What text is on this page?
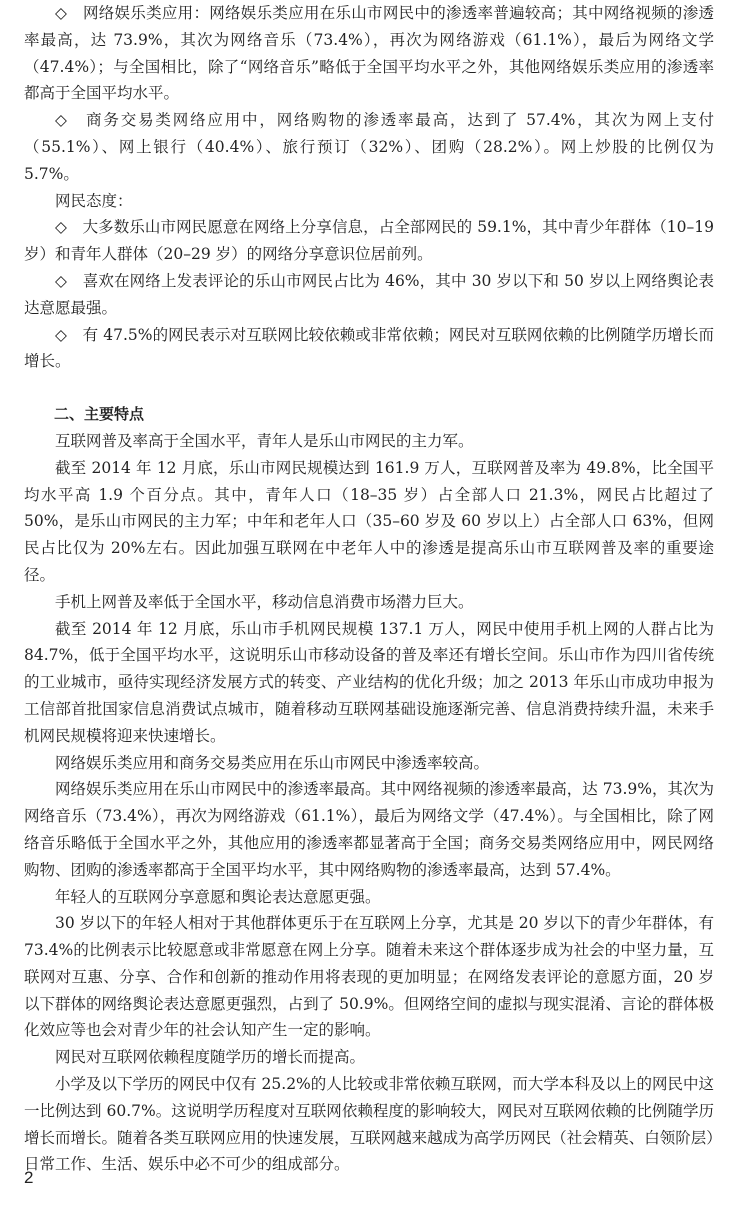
◇　网络娱乐类应用：网络娱乐类应用在乐山市网民中的渗透率普遍较高；其中网络视频的渗透率最高，达 73.9%，其次为网络音乐（73.4%），再次为网络游戏（61.1%），最后为网络文学（47.4%）；与全国相比，除了“网络音乐”略低于全国平均水平之外，其他网络娱乐类应用的渗透率都高于全国平均水平。

◇　商务交易类网络应用中，网络购物的渗透率最高，达到了 57.4%，其次为网上支付（55.1%）、网上银行（40.4%）、旅行预订（32%）、团购（28.2%）。网上炒股的比例仅为 5.7%。

网民态度：

◇　大多数乐山市网民愿意在网络上分享信息，占全部网民的 59.1%，其中青少年群体（10–19 岁）和青年人群体（20–29 岁）的网络分享意识位居前列。

◇　喜欢在网络上发表评论的乐山市网民占比为 46%，其中 30 岁以下和 50 岁以上网络舆论表达意愿最强。

◇　有 47.5%的网民表示对互联网比较依赖或非常依赖；网民对互联网依赖的比例随学历增长而增长。

二、主要特点

互联网普及率高于全国水平，青年人是乐山市网民的主力军。

截至 2014 年 12 月底，乐山市网民规模达到 161.9 万人，互联网普及率为 49.8%，比全国平均水平高 1.9 个百分点。其中，青年人口（18–35 岁）占全部人口 21.3%，网民占比超过了 50%，是乐山市网民的主力军；中年和老年人口（35–60 岁及 60 岁以上）占全部人口 63%，但网民占比仅为 20%左右。因此加强互联网在中老年人中的渗透是提高乐山市互联网普及率的重要途径。

手机上网普及率低于全国水平，移动信息消费市场潜力巨大。

截至 2014 年 12 月底，乐山市手机网民规模 137.1 万人，网民中使用手机上网的人群占比为 84.7%，低于全国平均水平，这说明乐山市移动设备的普及率还有增长空间。乐山市作为四川省传统的工业城市，亟待实现经济发展方式的转变、产业结构的优化升级；加之 2013 年乐山市成功申报为工信部首批国家信息消费试点城市，随着移动互联网基础设施逐渐完善、信息消费持续升温，未来手机网民规模将迎来快速增长。

网络娱乐类应用和商务交易类应用在乐山市网民中渗透率较高。

网络娱乐类应用在乐山市网民中的渗透率最高。其中网络视频的渗透率最高，达 73.9%，其次为网络音乐（73.4%），再次为网络游戏（61.1%），最后为网络文学（47.4%）。与全国相比，除了网络音乐略低于全国水平之外，其他应用的渗透率都显著高于全国；商务交易类网络应用中，网民网络购物、团购的渗透率都高于全国平均水平，其中网络购物的渗透率最高，达到 57.4%。

年轻人的互联网分享意愿和舆论表达意愿更强。

30 岁以下的年轻人相对于其他群体更乐于在互联网上分享，尤其是 20 岁以下的青少年群体，有 73.4%的比例表示比较愿意或非常愿意在网上分享。随着未来这个群体逐步成为社会的中坚力量，互联网对互惠、分享、合作和创新的推动作用将表现的更加明显；在网络发表评论的意愿方面，20 岁以下群体的网络舆论表达意愿更强烈，占到了 50.9%。但网络空间的虚拟与现实混淆、言论的群体极化效应等也会对青少年的社会认知产生一定的影响。

网民对互联网依赖程度随学历的增长而提高。

小学及以下学历的网民中仅有 25.2%的人比较或非常依赖互联网，而大学本科及以上的网民中这一比例达到 60.7%。这说明学历程度对互联网依赖程度的影响较大，网民对互联网依赖的比例随学历增长而增长。随着各类互联网应用的快速发展，互联网越来越成为高学历网民（社会精英、白领阶层）日常工作、生活、娱乐中必不可少的组成部分。

2
